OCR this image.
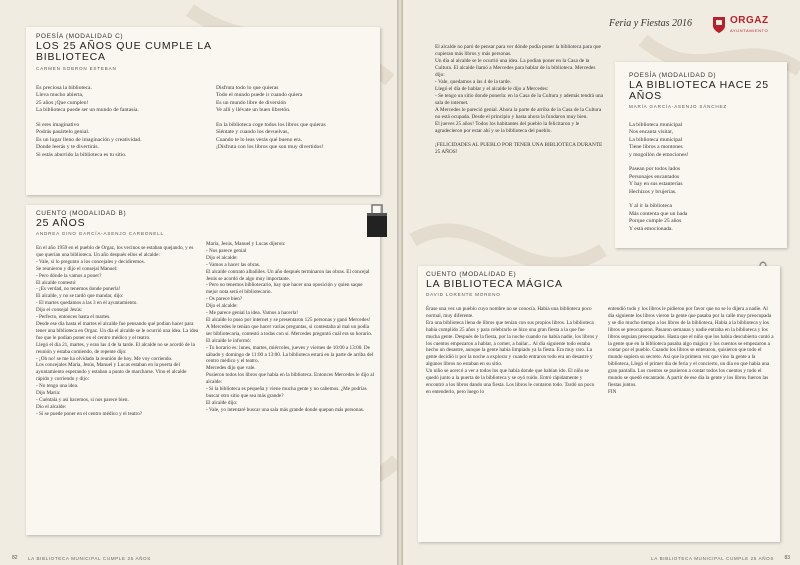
POESÍA (MODALIDAD C)
LOS 25 AÑOS QUE CUMPLE LA BIBLIOTECA
CARMEN SOBRON ESTEBAN
Es preciosa la biblioteca.
Lleva mucho abierta,
25 años ¡Que cumplen!
La biblioteca puede ser un mundo de fantasía.

Si eres imaginativo
Podrás pasártelo genial.
Es un lugar lleno de imaginación y creatividad.
Donde leerás y te divertirás.
Si estás aburrido la biblioteca es tu sitio.
Disfruta todo lo que quieras
Todo el mundo puede ir cuando quiera
Es un mundo libre de diversión
Ve allí y llévate un buen libretón.

En la biblioteca coge todos los libros que quieras
Siéntate y cuando los devuelvas,
Cuando te lo leas verás qué bueno era.
¡Disfruta con los libros que son muy divertidos!
CUENTO (MODALIDAD B)
25 AÑOS
ANDREA GINO GARCÍA-ASENJO CARBONELL
En el año 1959 en el pueblo de Orgaz, los vecinos se estaban quejando, y es que querían una biblioteca. Un año después ellos el alcalde:
- Vale, si lo pregunto a los concejales y decidiremos.
Se reunieron y dijo el consejal Manuel:
- Pero dónde la vamos a poner?
El alcalde contestó:
- ¡Es verdad, no tenemos donde ponerla!
El alcalde, y no se tardó que mandar, dijo:
- El martes quedamos a las 3 en el ayuntamiento.
Dijo el consejal Jesús:
- Perfecto, entonces hasta el martes.
Desde ese día hasta el martes el alcalde fue pensando qué podían hacer para tener una biblioteca en Orgaz. Un día el alcalde se le ocurrió una idea. La idea fue que le podían poner en el centro médico y el teatro.
Llegó el día 21, martes, y eran las 4 de la tarde. El alcalde no se acordó de la reunión y estaba comiendo, de repente dijo:
- ¡Oh no! se me ha olvidado la reunión de hoy. Me voy corriendo.
Los concejales María, Jesús, Manuel y Lucas estaban en la puerta del ayuntamiento esperando y estaban a punto de marcharse. Vino el alcalde rápido y corriendo y dijo:
- No tengo una idea.
Dijo María:
- Cuéntala y así hacemos, si nos parece bien.
Dio el alcalde:
- Sí se puede poner en el centro médico y el teatro?
María, Jesús, Manuel y Lucas dijeron:
- Nos parece genial
Dijo el alcalde:
- Vamos a hacer las obras.
El alcalde contrató albañiles. Un año después terminaron las obras. El concejal Jesús se acordó de algo muy importante.
- Pero no tenemos bibliotecario, hay que hacer una oposición y quien saque mejor nota será el bibliotecario.
- Os parece bien?
Dijo el alcalde:
- Me parece genial la idea. Vamos a hacerla!
El alcalde lo puso por internet y se presentaron 125 personas y ganó Mercedes! A Mercedes le tenían que hacer varias preguntas, si contestaba al mal un podía ser bibliotecaria, contestó a todas con sí. Mercedes preguntó cuál era su horario. El alcalde le informó:
- Tu horario es: lunes, martes, miércoles, jueves y viernes de 10:00 a 13:00. De sábado y domingo de 11:00 a 13:00. La biblioteca estará en la parte de arriba del centro médico y el teatro.
Mercedes dijo que vale.
Pusieron todos los libros que había en la biblioteca. Entonces Mercedes le dijo al alcalde:
- Si la biblioteca es pequeña y viene mucha gente y no cabemos. ¿Me podrías buscar otro sitio que sea más grande?
El alcalde dijo:
- Vale, yo intentaré buscar una sala más grande donde quepan más personas.
82 LA BIBLIOTECA MUNICIPAL CUMPLE 25 AÑOS
Feria y Fiestas 2016	ORGAZ
AYUNTAMIENTO
El alcalde no paró de pensar para ver dónde podía poner la biblioteca para que cupieran más libros y más personas.
Un día al alcalde se le ocurrió una idea. La podían poner en la Casa de la Cultura. El alcalde llamó a Mercedes para hablar de la biblioteca. Mercedes dijo:
- Vale, quedamos a las 4 de la tarde.
Llegó el día de hablar y el alcalde le dijo a Mercedes:
- Se tengo un sitio donde ponerla: en la Casa de la Cultura y además tendrá una sala de internet.
A Mercedes le pareció genial. Ahora la parte de arriba de la Casa de la Cultura no está ocupada. Desde el principio y hasta ahora la fundaron muy bien.
El jueves 25 años! Todos los habitantes del pueblo la felicitaron y le agradecieron por estar ahí y se la biblioteca del pueblo.

¡FELICIDADES AL PUEBLO POR TENER UNA BIBLIOTECA DURANTE 25 AÑOS!
POESÍA (MODALIDAD D)
LA BIBLIOTECA HACE 25 AÑOS
MARÍA GARCÍA-ASENJO SÁNCHEZ
La biblioteca municipal
Nos encanta visitar,
La biblioteca municipal
Tiene libros a montones
y mogollón de emociones!

Pasean por todos lados
Personajes encantados
Y hay en sus estanterías
Hechizos y brujerías.

Y al ir la biblioteca
Más contenta que un hada
Porque cumple 25 años
Y está emocionada.
CUENTO (MODALIDAD E)
LA BIBLIOTECA MÁGICA
DAVID LORENTE MORENO
Érase una vez un pueblo cuyo nombre no se conocía. Había una biblioteca poco normal, muy diferente.
Era una biblioteca llena de libros que tenían con sus propios libros. La biblioteca había cumplido 25 años y para celebrarlo se hizo una gran fiesta a la que fue mucha gente. Después de la fiesta, por la noche cuando no había nadie, los libros y los cuentos empezaron a hablar, a comer, a bailar... Al día siguiente todo estaba hecho un desastre, aunque la gente había limpiado ya la fiesta. Era muy raro. La gente decidió ir por la noche a explorar y cuando entraron todo era un desastre y algunos libros no estaban en su sitio.
Un niño se acercó a ver a todos los que había donde que habían ido. El niño se quedó junto a la puerta de la biblioteca y se oyó ruido. Entró rápidamente y encontró a los libros dando una fiesta. Los libros le contaron todo. Tardó un poco en entenderlo, pero luego lo
entendió todo y los libros le pidieron por favor que no se lo dijera a nadie. Al día siguiente los libros vieron la gente que pasaba por la calle muy preocupada y se dio mucho tiempo a los libros de la biblioteca, Había a la biblioteca y los libros se preocuparon. Pasaron semanas y nadie entraba en la biblioteca y los libros seguían preocupados. Hasta que el niño que los había descubierto contó a la gente que en la biblioteca pasaba algo mágico y los cuentos se empezaron a contar por el pueblo. Cuando los libros se enteraron, quisieron que todo el mundo supiera su secreto. Así que la primera vez que vino la gente a la biblioteca, Llegó el primer día de feria y el concierto, un día en que había una gran pantalla. Los cuentos se pusieron a contar todos los cuentos y todo el mundo se quedó encantado. A partir de ese día la gente y los libros fueron las fiestas juntos.
FIN
LA BIBLIOTECA MUNICIPAL CUMPLE 25 AÑOS 83
